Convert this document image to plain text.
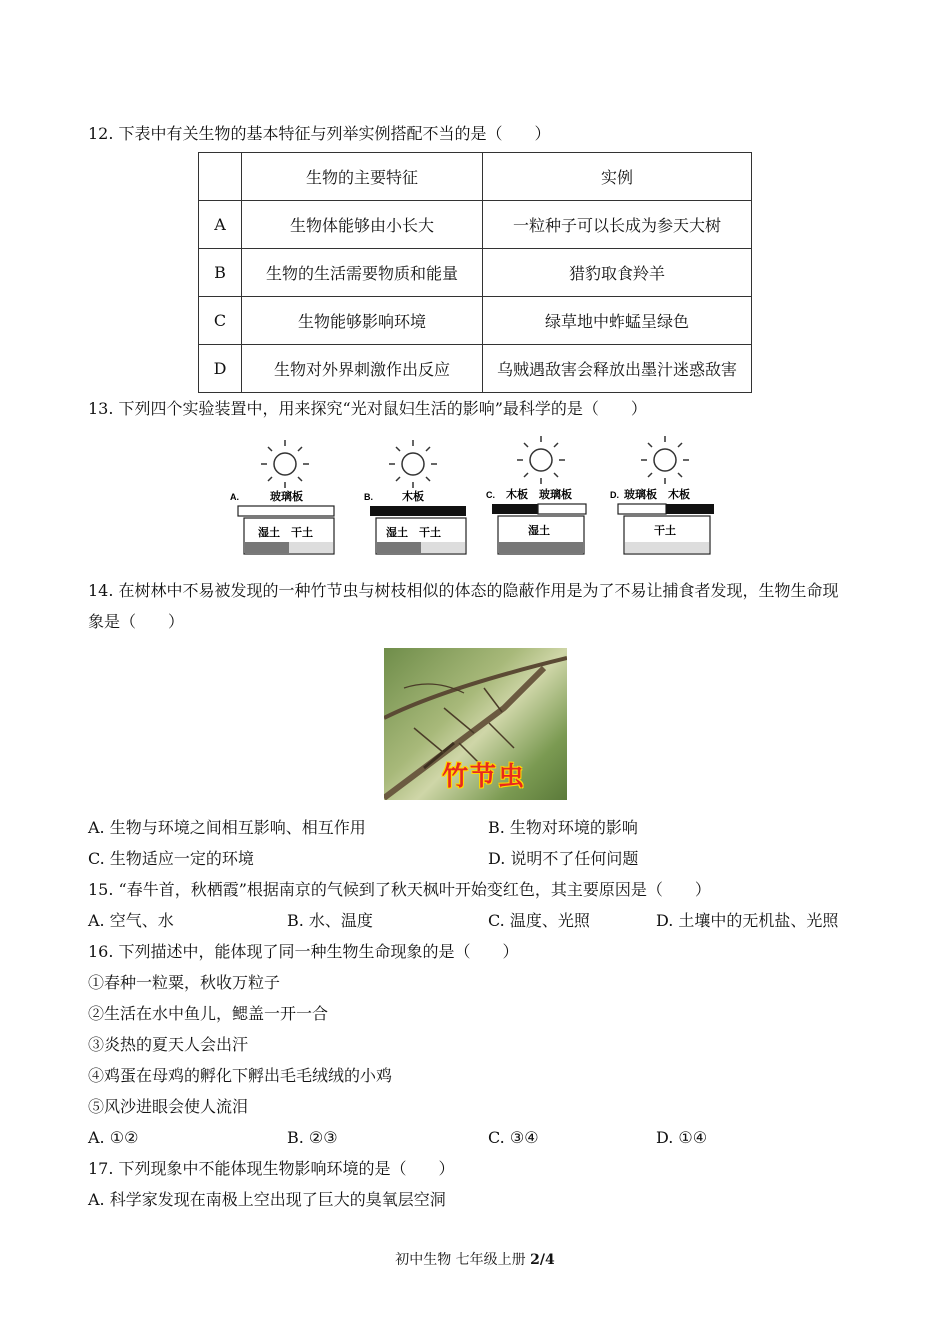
12. 下表中有关生物的基本特征与列举实例搭配不当的是（　　）
	生物的主要特征	实例
A	生物体能够由小长大	一粒种子可以长成为参天大树
B	生物的生活需要物质和能量	猎豹取食羚羊
C	生物能够影响环境	绿草地中蚱蜢呈绿色
D	生物对外界刺激作出反应	乌贼遇敌害会释放出墨汁迷惑敌害
13. 下列四个实验装置中，用来探究“光对鼠妇生活的影响”最科学的是（　　）
A.	玻璃板
湿土　干土
B.	木板
湿土　干土
C. 木板　玻璃板
湿土
D. 玻璃板　木板
干土
14. 在树林中不易被发现的一种竹节虫与树枝相似的体态的隐蔽作用是为了不易让捕食者发现，生物生命现
象是（　　）
竹节虫
A. 生物与环境之间相互影响、相互作用	B. 生物对环境的影响
C. 生物适应一定的环境	D. 说明不了任何问题
15. “春牛首，秋栖霞”根据南京的气候到了秋天枫叶开始变红色，其主要原因是（　　）
A. 空气、水	B. 水、温度	C. 温度、光照	D. 土壤中的无机盐、光照
16. 下列描述中，能体现了同一种生物生命现象的是（　　）
①春种一粒粟，秋收万粒子
②生活在水中鱼儿，鳃盖一开一合
③炎热的夏天人会出汗
④鸡蛋在母鸡的孵化下孵出毛毛绒绒的小鸡
⑤风沙进眼会使人流泪
A. ①②	B. ②③	C. ③④	D. ①④
17. 下列现象中不能体现生物影响环境的是（　　）
A. 科学家发现在南极上空出现了巨大的臭氧层空洞
初中生物 七年级上册 2/4
